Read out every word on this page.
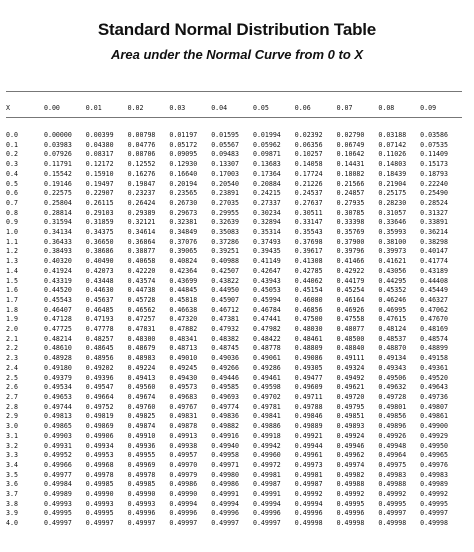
Standard Normal Distribution Table
Area under the Normal Curve from 0 to X
X	0.00	0.01	0.02	0.03	0.04	0.05	0.06	0.07	0.08	0.09
0.0	0.00000	0.00399	0.00798	0.01197	0.01595	0.01994	0.02392	0.02790	0.03188	0.03586
0.1	0.03983	0.04380	0.04776	0.05172	0.05567	0.05962	0.06356	0.06749	0.07142	0.07535
0.2	0.07926	0.08317	0.08706	0.09095	0.09483	0.09871	0.10257	0.10642	0.11026	0.11409
0.3	0.11791	0.12172	0.12552	0.12930	0.13307	0.13683	0.14058	0.14431	0.14803	0.15173
0.4	0.15542	0.15910	0.16276	0.16640	0.17003	0.17364	0.17724	0.18082	0.18439	0.18793
0.5	0.19146	0.19497	0.19847	0.20194	0.20540	0.20884	0.21226	0.21566	0.21904	0.22240
0.6	0.22575	0.22907	0.23237	0.23565	0.23891	0.24215	0.24537	0.24857	0.25175	0.25490
0.7	0.25804	0.26115	0.26424	0.26730	0.27035	0.27337	0.27637	0.27935	0.28230	0.28524
0.8	0.28814	0.29103	0.29389	0.29673	0.29955	0.30234	0.30511	0.30785	0.31057	0.31327
0.9	0.31594	0.31859	0.32121	0.32381	0.32639	0.32894	0.33147	0.33398	0.33646	0.33891
1.0	0.34134	0.34375	0.34614	0.34849	0.35083	0.35314	0.35543	0.35769	0.35993	0.36214
1.1	0.36433	0.36650	0.36864	0.37076	0.37286	0.37493	0.37698	0.37900	0.38100	0.38298
1.2	0.38493	0.38686	0.38877	0.39065	0.39251	0.39435	0.39617	0.39796	0.39973	0.40147
1.3	0.40320	0.40490	0.40658	0.40824	0.40988	0.41149	0.41308	0.41466	0.41621	0.41774
1.4	0.41924	0.42073	0.42220	0.42364	0.42507	0.42647	0.42785	0.42922	0.43056	0.43189
1.5	0.43319	0.43448	0.43574	0.43699	0.43822	0.43943	0.44062	0.44179	0.44295	0.44408
1.6	0.44520	0.44630	0.44738	0.44845	0.44950	0.45053	0.45154	0.45254	0.45352	0.45449
1.7	0.45543	0.45637	0.45728	0.45818	0.45907	0.45994	0.46080	0.46164	0.46246	0.46327
1.8	0.46407	0.46485	0.46562	0.46638	0.46712	0.46784	0.46856	0.46926	0.46995	0.47062
1.9	0.47128	0.47193	0.47257	0.47320	0.47381	0.47441	0.47500	0.47558	0.47615	0.47670
2.0	0.47725	0.47778	0.47831	0.47882	0.47932	0.47982	0.48030	0.48077	0.48124	0.48169
2.1	0.48214	0.48257	0.48300	0.48341	0.48382	0.48422	0.48461	0.48500	0.48537	0.48574
2.2	0.48610	0.48645	0.48679	0.48713	0.48745	0.48778	0.48809	0.48840	0.48870	0.48899
2.3	0.48928	0.48956	0.48983	0.49010	0.49036	0.49061	0.49086	0.49111	0.49134	0.49158
2.4	0.49180	0.49202	0.49224	0.49245	0.49266	0.49286	0.49305	0.49324	0.49343	0.49361
2.5	0.49379	0.49396	0.49413	0.49430	0.49446	0.49461	0.49477	0.49492	0.49506	0.49520
2.6	0.49534	0.49547	0.49560	0.49573	0.49585	0.49598	0.49609	0.49621	0.49632	0.49643
2.7	0.49653	0.49664	0.49674	0.49683	0.49693	0.49702	0.49711	0.49720	0.49728	0.49736
2.8	0.49744	0.49752	0.49760	0.49767	0.49774	0.49781	0.49788	0.49795	0.49801	0.49807
2.9	0.49813	0.49819	0.49825	0.49831	0.49836	0.49841	0.49846	0.49851	0.49856	0.49861
3.0	0.49865	0.49869	0.49874	0.49878	0.49882	0.49886	0.49889	0.49893	0.49896	0.49900
3.1	0.49903	0.49906	0.49910	0.49913	0.49916	0.49918	0.49921	0.49924	0.49926	0.49929
3.2	0.49931	0.49934	0.49936	0.49938	0.49940	0.49942	0.49944	0.49946	0.49948	0.49950
3.3	0.49952	0.49953	0.49955	0.49957	0.49958	0.49960	0.49961	0.49962	0.49964	0.49965
3.4	0.49966	0.49968	0.49969	0.49970	0.49971	0.49972	0.49973	0.49974	0.49975	0.49976
3.5	0.49977	0.49978	0.49978	0.49979	0.49980	0.49981	0.49981	0.49982	0.49983	0.49983
3.6	0.49984	0.49985	0.49985	0.49986	0.49986	0.49987	0.49987	0.49988	0.49988	0.49989
3.7	0.49989	0.49990	0.49990	0.49990	0.49991	0.49991	0.49992	0.49992	0.49992	0.49992
3.8	0.49993	0.49993	0.49993	0.49994	0.49994	0.49994	0.49994	0.49995	0.49995	0.49995
3.9	0.49995	0.49995	0.49996	0.49996	0.49996	0.49996	0.49996	0.49996	0.49997	0.49997
4.0	0.49997	0.49997	0.49997	0.49997	0.49997	0.49997	0.49998	0.49998	0.49998	0.49998
